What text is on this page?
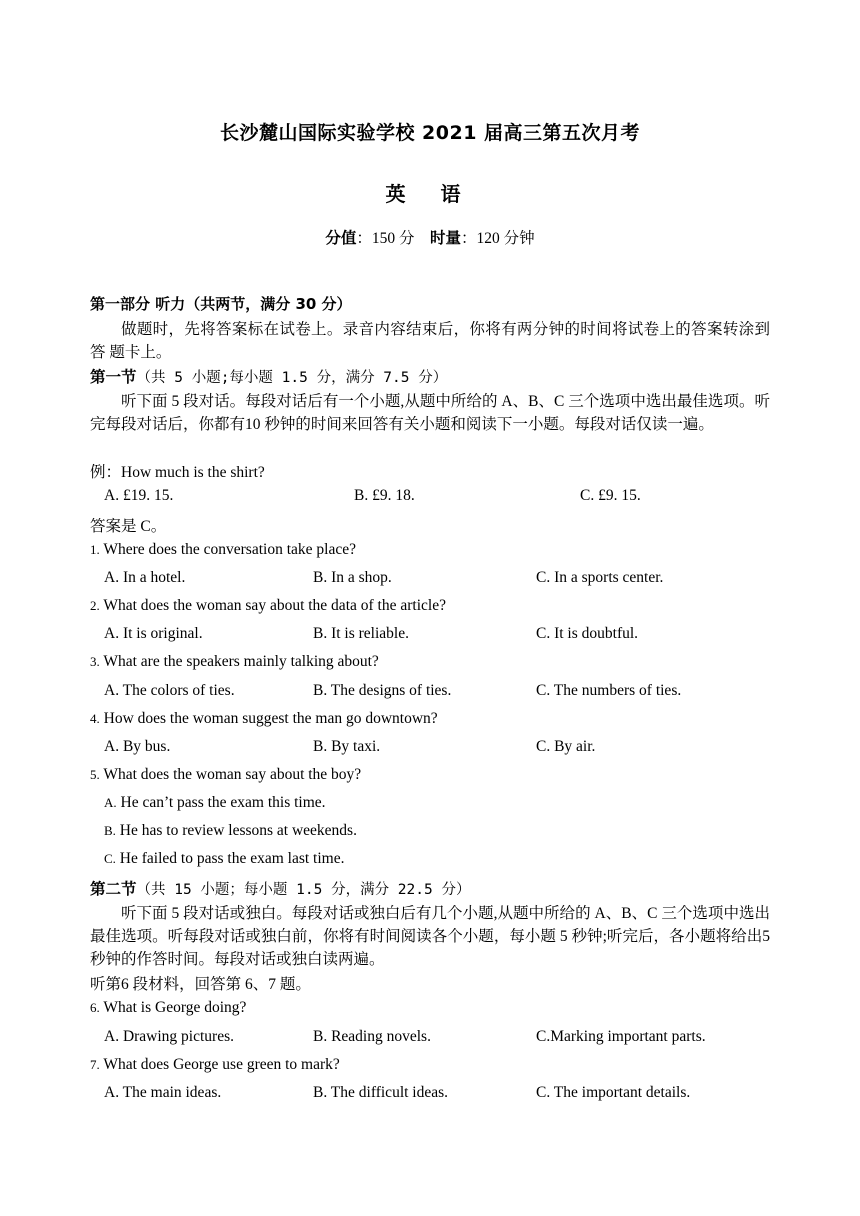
长沙麓山国际实验学校 2021 届高三第五次月考
英 语
分值：150 分 时量：120 分钟
第一部分 听力（共两节，满分 30 分）
做题时，先将答案标在试卷上。录音内容结束后，你将有两分钟的时间将试卷上的答案转涂到答 题卡上。
第一节（共 5 小题;每小题 1.5 分，满分 7.5 分）
听下面 5 段对话。每段对话后有一个小题,从题中所给的 A、B、C 三个选项中选出最佳选项。听完每段对话后，你都有10 秒钟的时间来回答有关小题和阅读下一小题。每段对话仅读一遍。
例：How much is the shirt?
A. £19. 15.	B. £9. 18.	C. £9. 15.
答案是 C。
1. Where does the conversation take place?
A. In a hotel.	B. In a shop.	C. In a sports center.
2. What does the woman say about the data of the article?
A. It is original.	B. It is reliable.	C. It is doubtful.
3. What are the speakers mainly talking about?
A. The colors of ties.	B. The designs of ties.	C. The numbers of ties.
4. How does the woman suggest the man go downtown?
A. By bus.	B. By taxi.	C. By air.
5. What does the woman say about the boy?
A. He can’t pass the exam this time.
B. He has to review lessons at weekends.
C. He failed to pass the exam last time.
第二节（共 15 小题；每小题 1.5 分，满分 22.5 分）
听下面 5 段对话或独白。每段对话或独白后有几个小题,从题中所给的 A、B、C 三个选项中选出最佳选项。听每段对话或独白前，你将有时间阅读各个小题，每小题 5 秒钟;听完后，各小题将给出5 秒钟的作答时间。每段对话或独白读两遍。
听第6 段材料，回答第 6、7 题。
6. What is George doing?
A. Drawing pictures.	B. Reading novels.	C.Marking important parts.
7. What does George use green to mark?
A. The main ideas.	B. The difficult ideas.	C. The important details.
